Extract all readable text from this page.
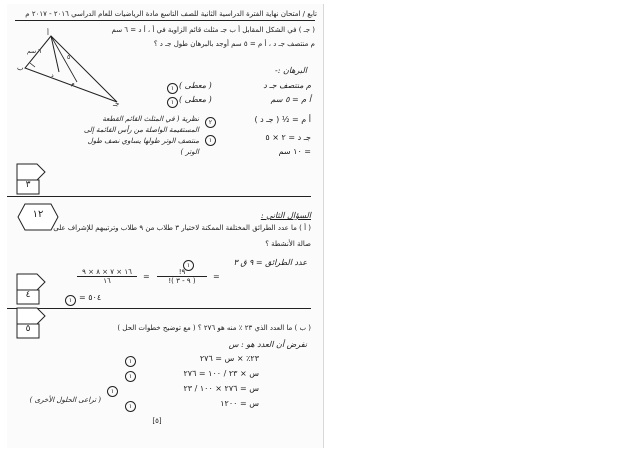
تابع / امتحان نهاية الفترة الدراسية الثانية للصف التاسع مادة الرياضيات للعام الدراسي ٢٠١٦ - ٢٠١٧ م
أ
ب
جـ
د
م
٦ سم
٥
( جـ ) في الشكل المقابل أ ب جـ مثلث قائم الزاوية في أ ، أ د = ٦ سم
م منتصف جـ د ، أ م = ٥ سم أوجد بالبرهان طول جـ د ؟
البرهان :-
١ ( معطى )	م منتصف جـ د
١ ( معطى )	أ م = ٥ سم
نظرية ( في المثلث القائم القطعة المستقيمة الواصلة من رأس القائمة إلى منتصف الوتر طولها يساوي نصف طول الوتر )
٢	أ م = ½ ( جـ د )
١	جـ د = ٢ × ٥
= ١٠ سم
٣
١٢	السؤال الثاني :
( أ ) ما عدد الطرائق المختلفة الممكنة لاختيار ٣ طلاب من ٩ طلاب وترتيبهم للإشراف على
صالة الأنشطة ؟
عدد الطرائق = ٩ ق ٣
١
١٦ × ٧ × ٨ × ٩
١٦	=	!٩
!( ٩ - ٣ )	=
١ = ٥٠٤
٤
٥	( ب ) ما العدد الذي ٢٣ ٪ منه هو ٢٧٦ ؟ ( مع توضيح خطوات الحل )
نفرض أن العدد هو : س
١	٢٣٪ × س = ٢٧٦
١	س × ٢٣ / ١٠٠ = ٢٧٦
١	س = ٢٧٦ × ١٠٠ / ٢٣
( تراعى الحلول الأخرى )
١	س = ١٢٠٠
[٥]
